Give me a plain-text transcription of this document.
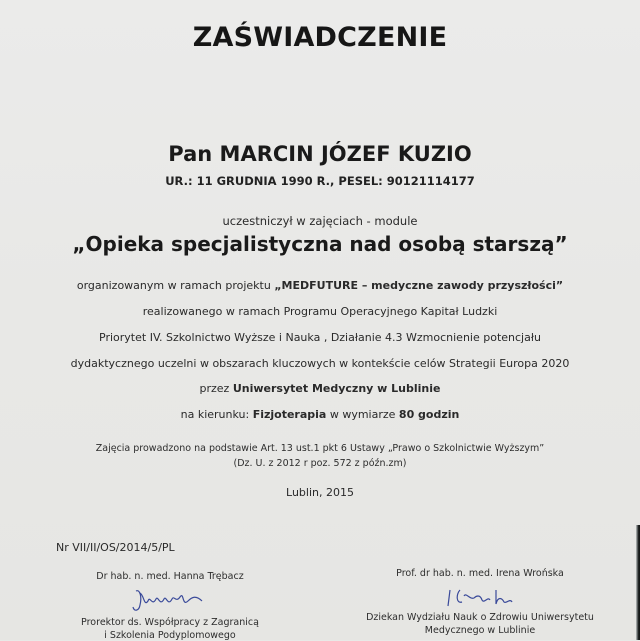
ZAŚWIADCZENIE
Pan MARCIN JÓZEF KUZIO
UR.: 11 GRUDNIA 1990 R., PESEL: 90121114177
uczestniczył w zajęciach - module
„Opieka specjalistyczna nad osobą starszą”
organizowanym w ramach projektu „MEDFUTURE – medyczne zawody przyszłości”
realizowanego w ramach Programu Operacyjnego Kapitał Ludzki
Priorytet IV. Szkolnictwo Wyższe i Nauka , Działanie 4.3 Wzmocnienie potencjału
dydaktycznego uczelni w obszarach kluczowych w kontekście celów Strategii Europa 2020
przez Uniwersytet Medyczny w Lublinie
na kierunku: Fizjoterapia w wymiarze 80 godzin
Zajęcia prowadzono na podstawie Art. 13 ust.1 pkt 6 Ustawy „Prawo o Szkolnictwie Wyższym”
(Dz. U. z 2012 r poz. 572 z późn.zm)
Lublin, 2015
Nr VII/II/OS/2014/5/PL
Dr hab. n. med. Hanna Trębacz
Prorektor ds. Współpracy z Zagranicą
i Szkolenia Podyplomowego
Prof. dr hab. n. med. Irena Wrońska
Dziekan Wydziału Nauk o Zdrowiu Uniwersytetu
Medycznego w Lublinie
